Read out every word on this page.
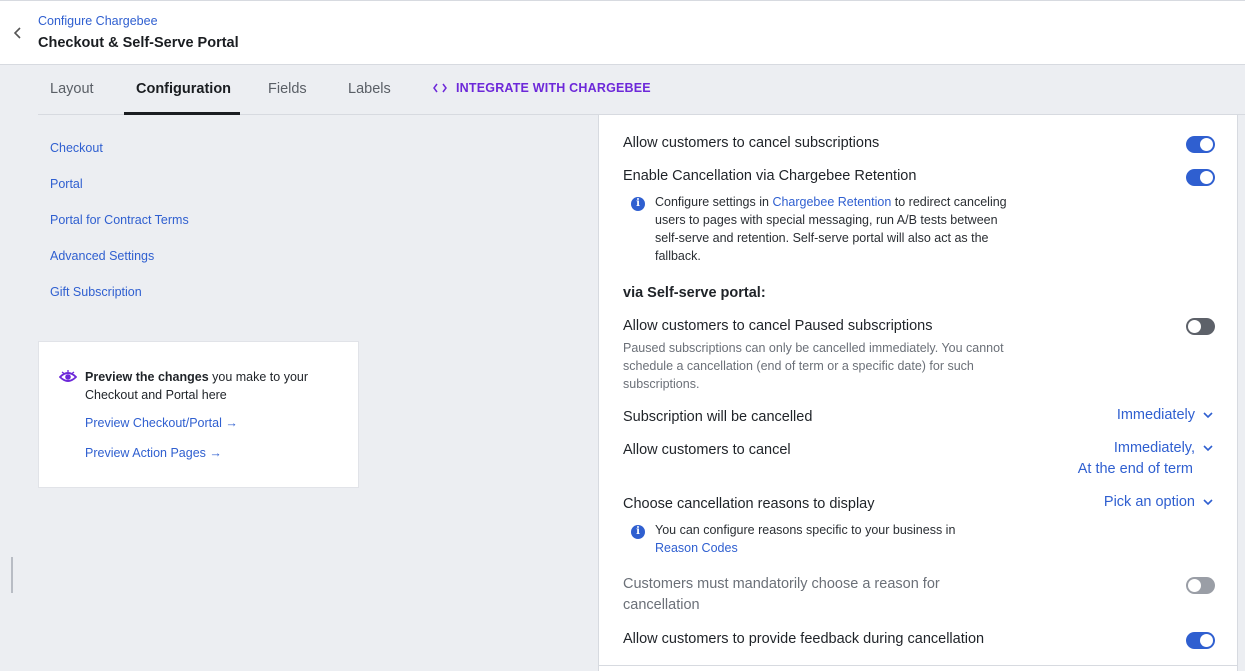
Configure Chargebee
Checkout & Self-Serve Portal
Layout	Configuration	Fields	Labels	INTEGRATE WITH CHARGEBEE
Checkout
Portal
Portal for Contract Terms
Advanced Settings
Gift Subscription
Preview the changes you make to your Checkout and Portal here
Preview Checkout/Portal →
Preview Action Pages →
Allow customers to cancel subscriptions
Enable Cancellation via Chargebee Retention
i	Configure settings in Chargebee Retention to redirect canceling users to pages with special messaging, run A/B tests between self-serve and retention. Self-serve portal will also act as the fallback.
via Self-serve portal:
Allow customers to cancel Paused subscriptions
Paused subscriptions can only be cancelled immediately. You cannot schedule a cancellation (end of term or a specific date) for such subscriptions.
Subscription will be cancelled	Immediately
Allow customers to cancel	Immediately,
At the end of term
Choose cancellation reasons to display	Pick an option
i	You can configure reasons specific to your business in
Reason Codes
Customers must mandatorily choose a reason for cancellation
Allow customers to provide feedback during cancellation
